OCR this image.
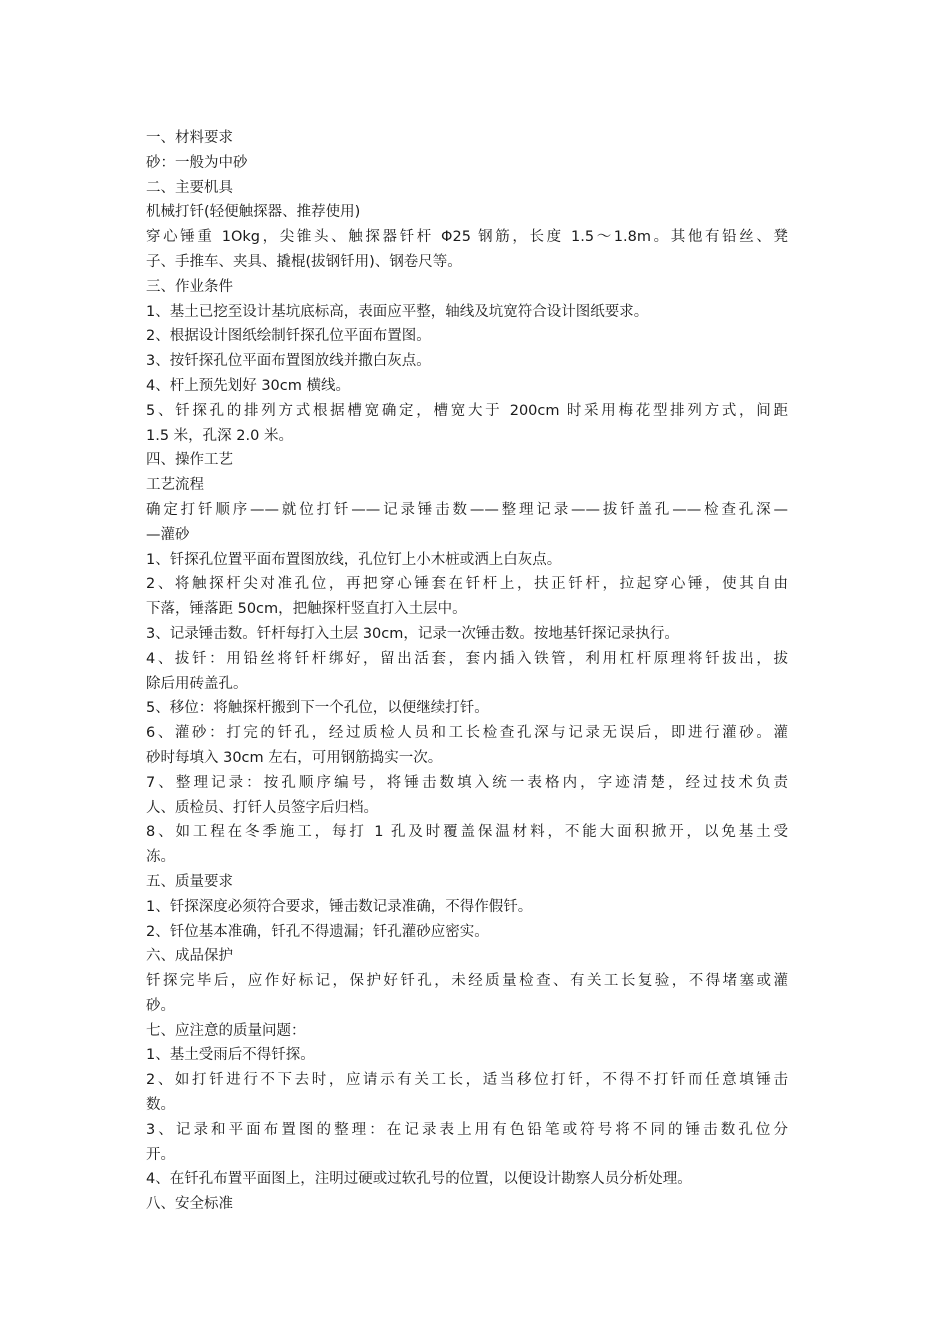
一、材料要求
砂：一般为中砂
二、主要机具
机械打钎(轻便触探器、推荐使用)
穿心锤重 1Okg，尖锥头、触探器钎杆 Φ25 钢筋，长度 1.5～1.8m。其他有铅丝、凳
子、手推车、夹具、撬棍(拔钢钎用)、钢卷尺等。
三、作业条件
1、基土已挖至设计基坑底标高，表面应平整，轴线及坑宽符合设计图纸要求。
2、根据设计图纸绘制钎探孔位平面布置图。
3、按钎探孔位平面布置图放线并撒白灰点。
4、杆上预先划好 30cm 横线。
5、钎探孔的排列方式根据槽宽确定，槽宽大于 200cm 时采用梅花型排列方式，间距
1.5 米，孔深 2.0 米。
四、操作工艺
工艺流程
确定打钎顺序——就位打钎——记录锤击数——整理记录——拔钎盖孔——检查孔深—
—灌砂
1、钎探孔位置平面布置图放线，孔位钉上小木桩或洒上白灰点。
2、将触探杆尖对准孔位，再把穿心锤套在钎杆上，扶正钎杆，拉起穿心锤，使其自由
下落，锤落距 50cm，把触探杆竖直打入土层中。
3、记录锤击数。钎杆每打入土层 30cm，记录一次锤击数。按地基钎探记录执行。
4、拔钎：用铅丝将钎杆绑好，留出活套，套内插入铁管，利用杠杆原理将钎拔出，拔
除后用砖盖孔。
5、移位：将触探杆搬到下一个孔位，以便继续打钎。
6、灌砂：打完的钎孔，经过质检人员和工长检查孔深与记录无误后，即进行灌砂。灌
砂时每填入 30cm 左右，可用钢筋捣实一次。
7、整理记录：按孔顺序编号，将锤击数填入统一表格内，字迹清楚，经过技术负责
人、质检员、打钎人员签字后归档。
8、如工程在冬季施工，每打 1 孔及时覆盖保温材料，不能大面积掀开，以免基土受
冻。
五、质量要求
1、钎探深度必须符合要求，锤击数记录准确，不得作假钎。
2、钎位基本准确，钎孔不得遗漏；钎孔灌砂应密实。
六、成品保护
钎探完毕后，应作好标记，保护好钎孔，未经质量检查、有关工长复验，不得堵塞或灌
砂。
七、应注意的质量问题：
1、基土受雨后不得钎探。
2、如打钎进行不下去时，应请示有关工长，适当移位打钎，不得不打钎而任意填锤击
数。
3、记录和平面布置图的整理：在记录表上用有色铅笔或符号将不同的锤击数孔位分
开。
4、在钎孔布置平面图上，注明过硬或过软孔号的位置，以便设计勘察人员分析处理。
八、安全标准
